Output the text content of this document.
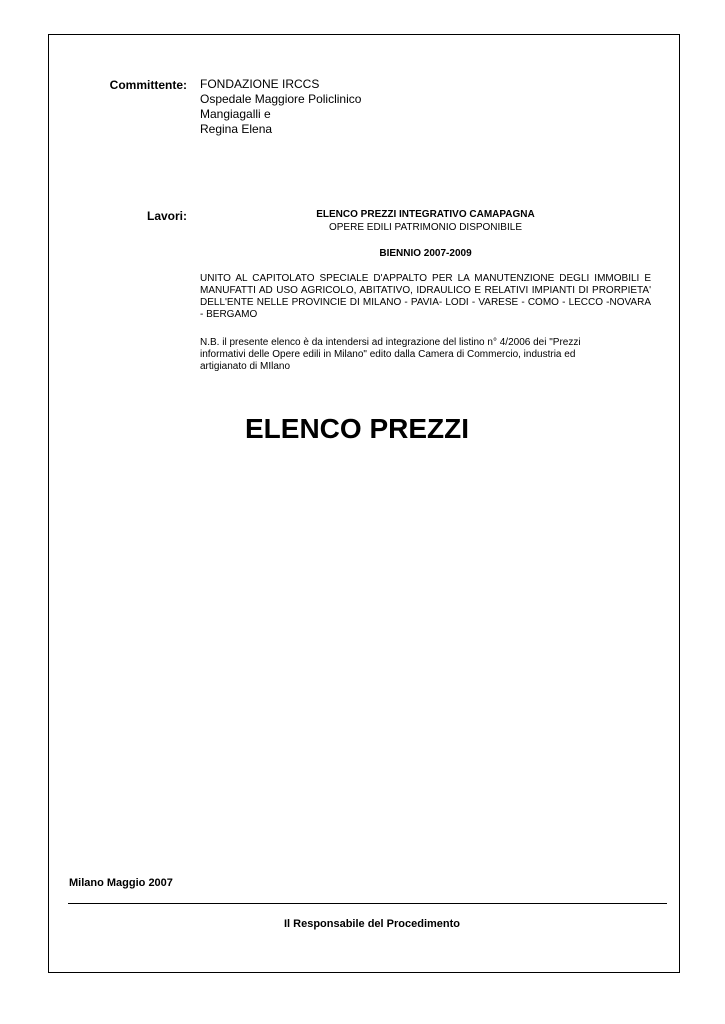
Committente: FONDAZIONE IRCCS
Ospedale Maggiore Policlinico
Mangiagalli e
Regina Elena
Lavori:	ELENCO PREZZI INTEGRATIVO CAMAPAGNA
OPERE EDILI PATRIMONIO DISPONIBILE
BIENNIO 2007-2009
UNITO AL CAPITOLATO SPECIALE D'APPALTO PER LA MANUTENZIONE DEGLI IMMOBILI E MANUFATTI AD USO AGRICOLO, ABITATIVO, IDRAULICO E RELATIVI IMPIANTI DI PRORPIETA' DELL'ENTE NELLE PROVINCIE DI MILANO - PAVIA- LODI - VARESE - COMO - LECCO -NOVARA - BERGAMO
N.B. il presente elenco è da intendersi ad integrazione del listino n° 4/2006 dei "Prezzi
informativi delle Opere edili in Milano" edito dalla Camera di Commercio, industria ed
artigianato di MIlano
ELENCO PREZZI
Milano Maggio 2007
Il Responsabile del Procedimento
